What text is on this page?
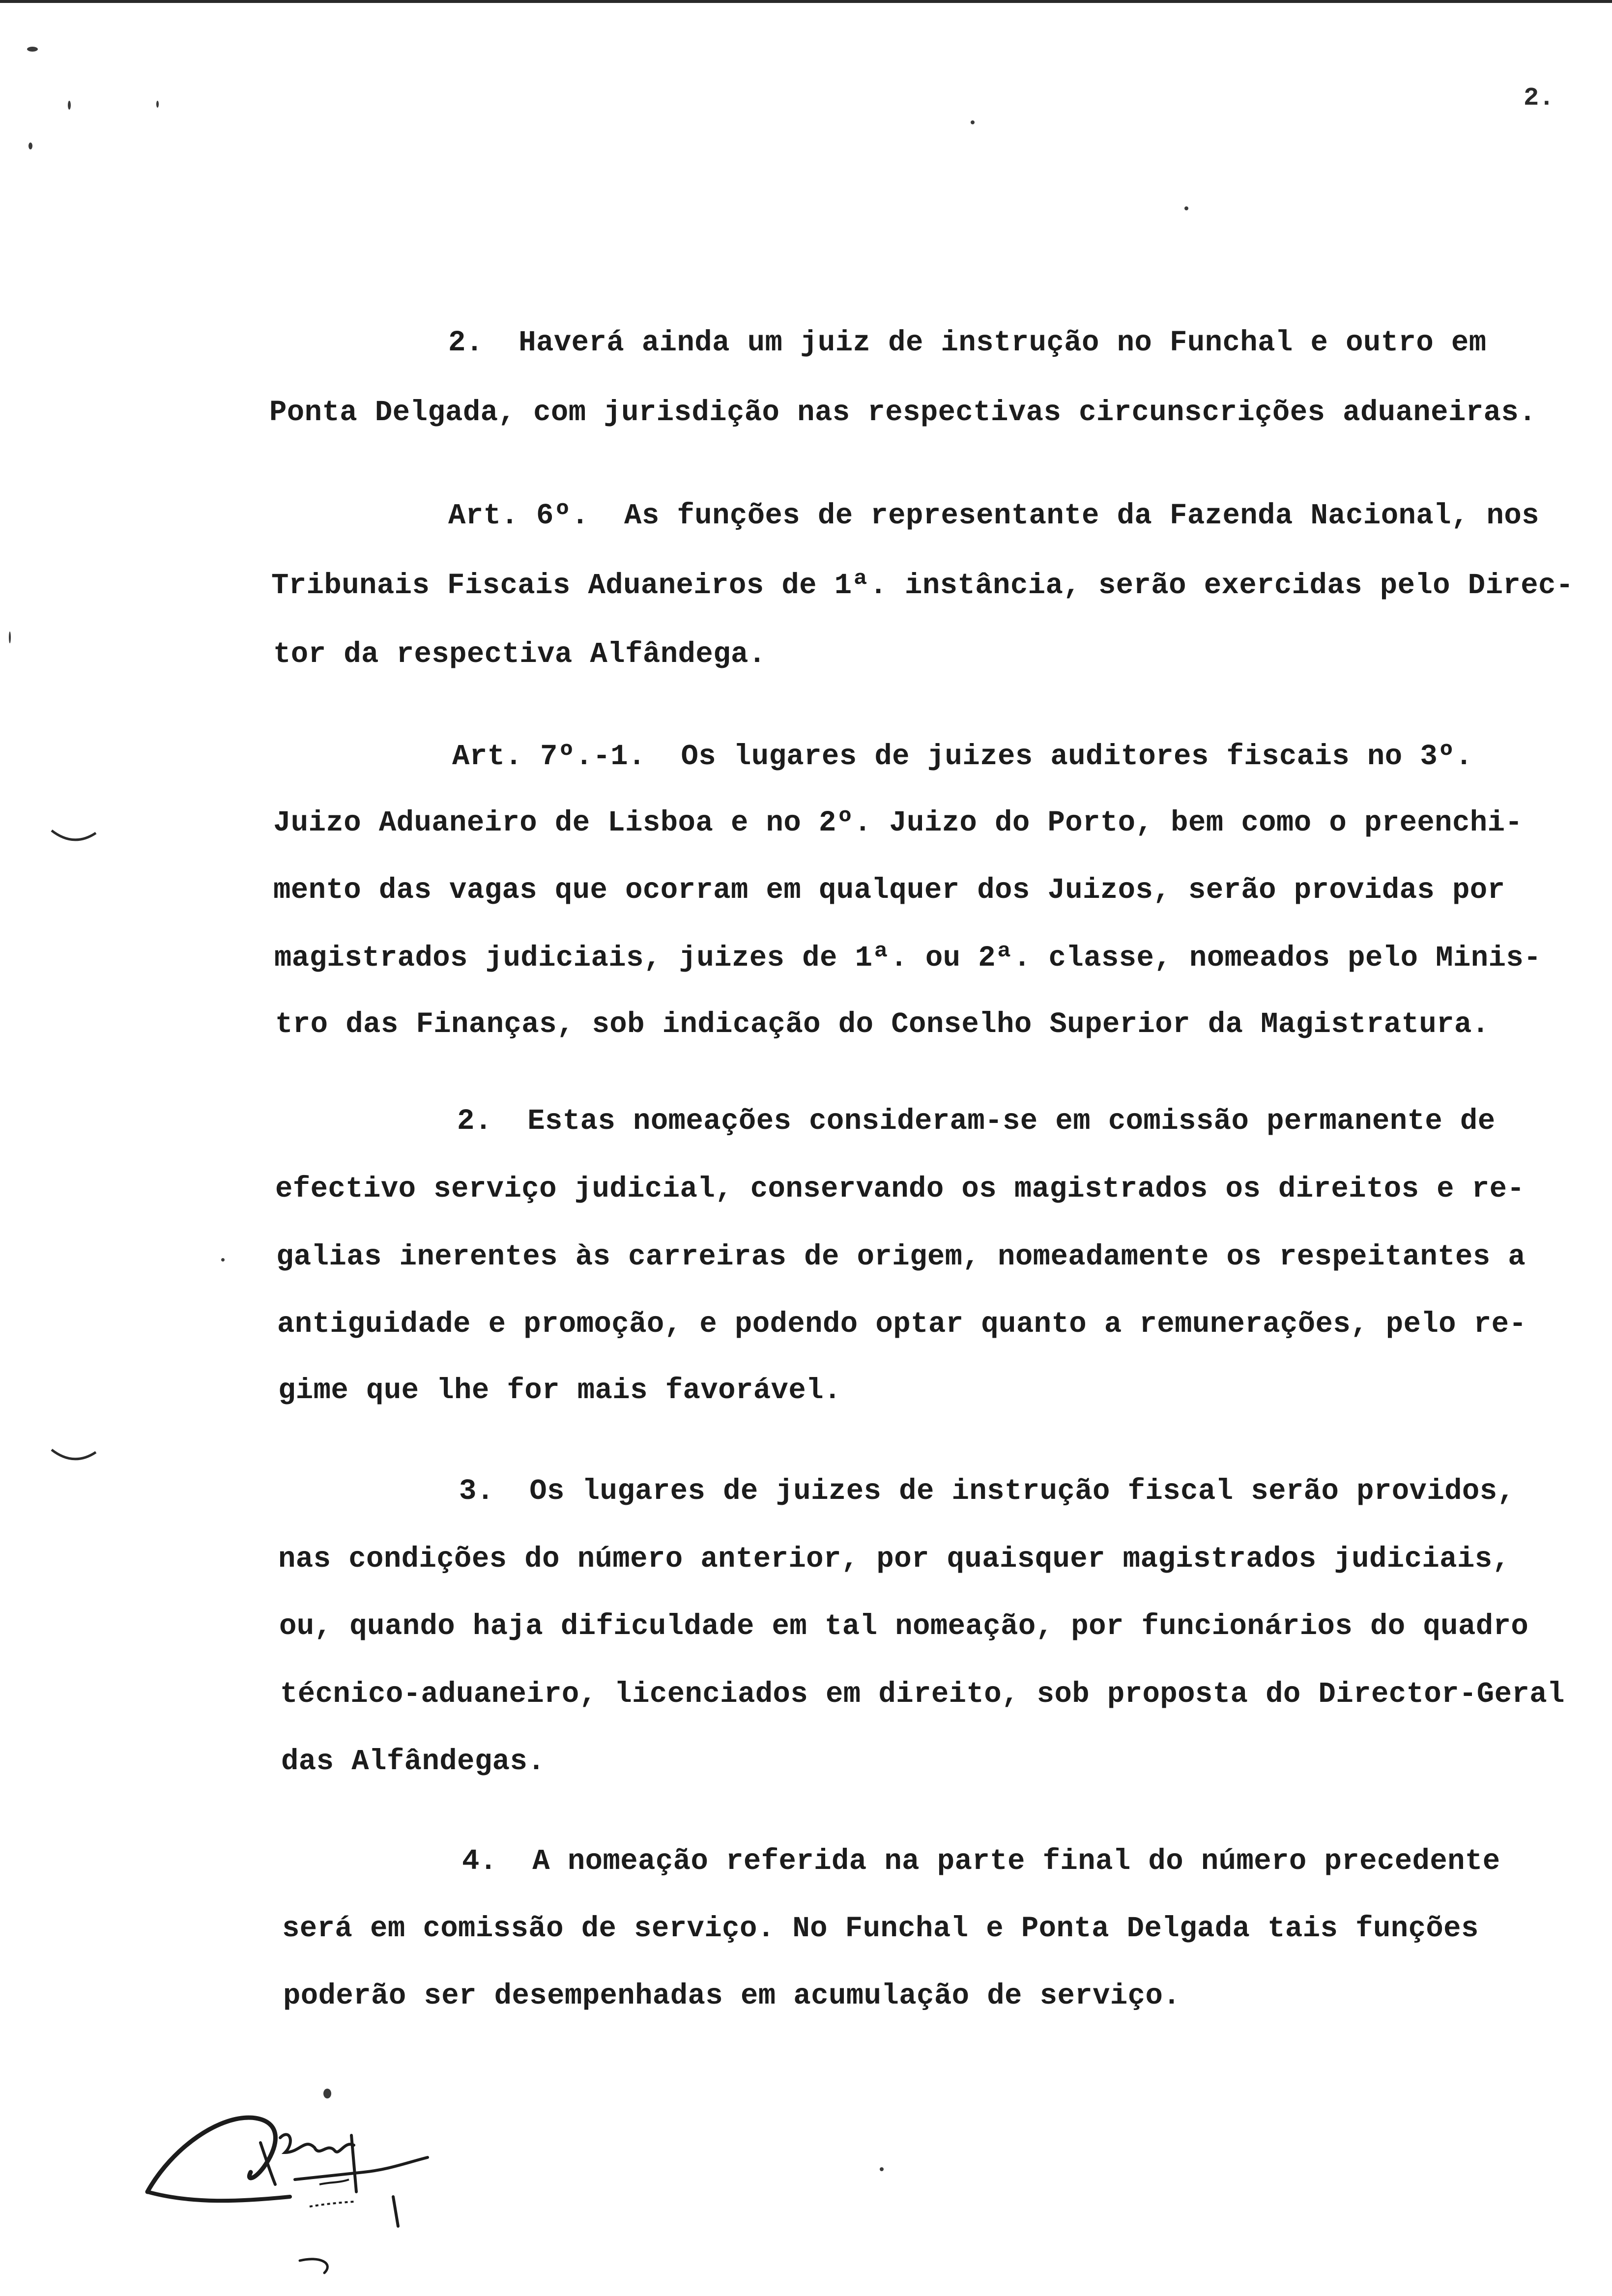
2.
2.  Haverá ainda um juiz de instrução no Funchal e outro em
Ponta Delgada, com jurisdição nas respectivas circunscrições aduaneiras.
Art. 6º.  As funções de representante da Fazenda Nacional, nos
Tribunais Fiscais Aduaneiros de 1ª. instância, serão exercidas pelo Direc-
tor da respectiva Alfândega.
Art. 7º.-1.  Os lugares de juizes auditores fiscais no 3º.
Juizo Aduaneiro de Lisboa e no 2º. Juizo do Porto, bem como o preenchi-
mento das vagas que ocorram em qualquer dos Juizos, serão providas por
magistrados judiciais, juizes de 1ª. ou 2ª. classe, nomeados pelo Minis-
tro das Finanças, sob indicação do Conselho Superior da Magistratura.
2.  Estas nomeações consideram-se em comissão permanente de
efectivo serviço judicial, conservando os magistrados os direitos e re-
galias inerentes às carreiras de origem, nomeadamente os respeitantes a
antiguidade e promoção, e podendo optar quanto a remunerações, pelo re-
gime que lhe for mais favorável.
3.  Os lugares de juizes de instrução fiscal serão providos,
nas condições do número anterior, por quaisquer magistrados judiciais,
ou, quando haja dificuldade em tal nomeação, por funcionários do quadro
técnico-aduaneiro, licenciados em direito, sob proposta do Director-Geral
das Alfândegas.
4.  A nomeação referida na parte final do número precedente
será em comissão de serviço. No Funchal e Ponta Delgada tais funções
poderão ser desempenhadas em acumulação de serviço.
